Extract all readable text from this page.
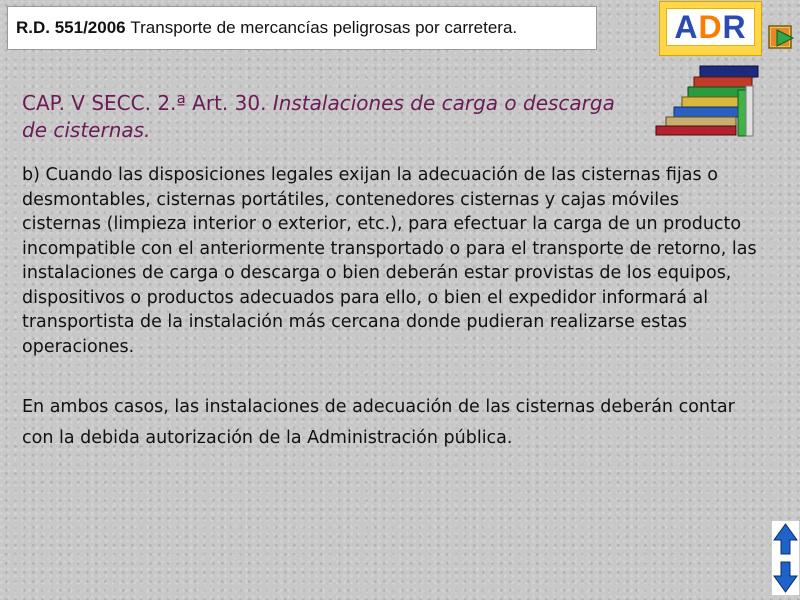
R.D. 551/2006
Transporte de mercancías peligrosas por carretera.	A D R
CAP. V SECC. 2.ª Art. 30. Instalaciones de carga o descarga de cisternas.

b) Cuando las disposiciones legales exijan la adecuación de las cisternas fijas o desmontables, cisternas portátiles, contenedores cisternas y cajas móviles cisternas (limpieza interior o exterior, etc.), para efectuar la carga de un producto incompatible con el anteriormente transportado o para el transporte de retorno, las instalaciones de carga o descarga o bien deberán estar provistas de los equipos, dispositivos o productos adecuados para ello, o bien el expedidor informará al transportista de la instalación más cercana donde pudieran realizarse estas operaciones.

En ambos casos, las instalaciones de adecuación de las cisternas deberán contar con la debida autorización de la Administración pública.
